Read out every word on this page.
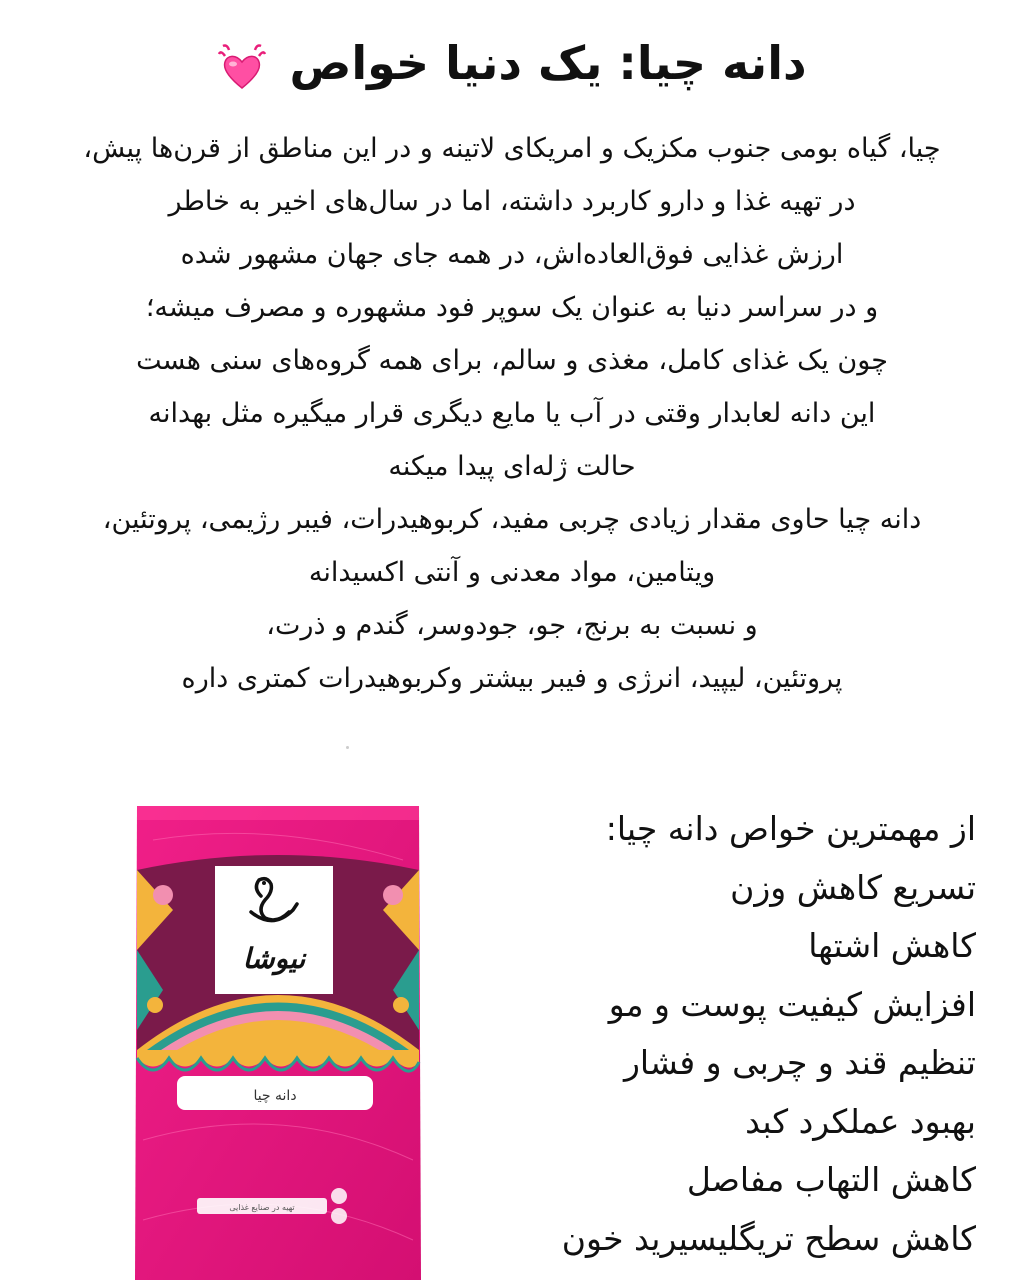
دانه چیا: یک دنیا خواص
چیا، گیاه بومی جنوب مکزیک و امریکای لاتینه و در این مناطق از قرن‌ها پیش،
در تهیه غذا و دارو کاربرد داشته، اما در سال‌های اخیر به خاطر
ارزش غذایی فوق‌العاده‌اش، در همه جای جهان مشهور شده
و در سراسر دنیا به عنوان یک سوپر فود مشهوره و مصرف میشه؛
چون یک غذای کامل، مغذی و سالم، برای همه گروه‌های سنی هست
این دانه لعابدار وقتی در آب یا مایع دیگری قرار میگیره مثل بهدانه
حالت ژله‌ای پیدا میکنه
دانه چیا حاوی مقدار زیادی چربی مفید، کربوهیدرات، فیبر رژیمی، پروتئین،
ویتامین، مواد معدنی و آنتی اکسیدانه
و نسبت به برنج، جو، جودوسر، گندم و ذرت،
پروتئین، لیپید، انرژی و فیبر بیشتر وکربوهیدرات کمتری داره
نیوشا
دانه چیا
تهیه در صنایع غذایی
از مهمترین خواص دانه چیا:
تسریع کاهش وزن
کاهش اشتها
افزایش کیفیت پوست و مو
تنظیم قند و چربی و فشار
بهبود عملکرد کبد
کاهش التهاب مفاصل
کاهش سطح تریگلیسیرید خون
